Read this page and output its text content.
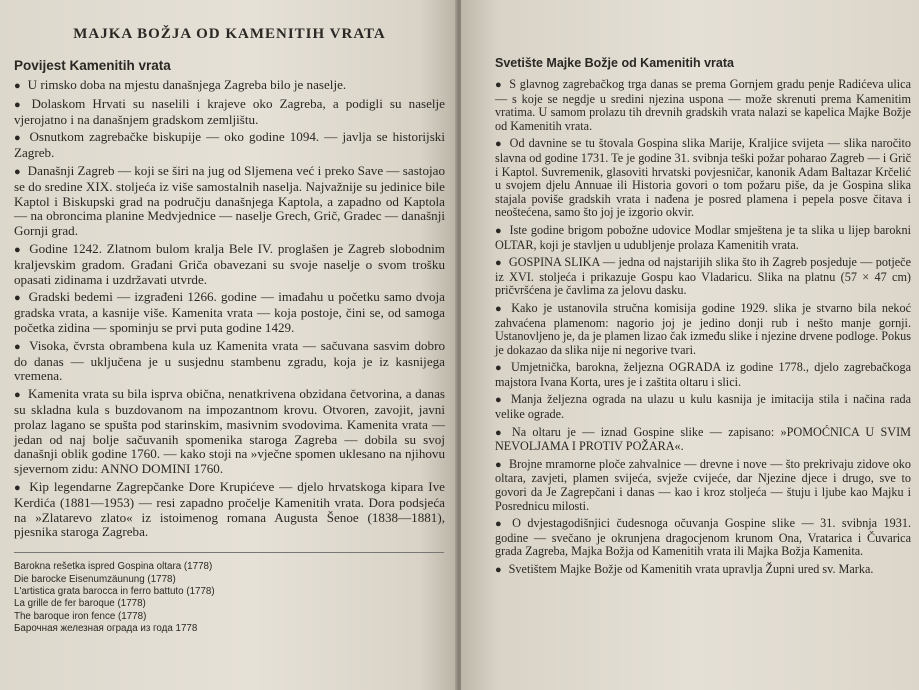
MAJKA BOŽJA OD KAMENITIH VRATA
Povijest Kamenitih vrata
● U rimsko doba na mjestu današnjega Zagreba bilo je naselje.
● Dolaskom Hrvati su naselili i krajeve oko Zagreba, a podigli su naselje vjerojatno i na današnjem gradskom zemljištu.
● Osnutkom zagrebačke biskupije — oko godine 1094. — javlja se historijski Zagreb.
● Današnji Zagreb — koji se širi na jug od Sljemena već i preko Save — sastojao se do sredine XIX. stoljeća iz više samostalnih naselja. Najvažnije su jedinice bile Kaptol i Biskupski grad na području današnjega Kaptola, a zapadno od Kaptola — na obroncima planine Medvjednice — naselje Grech, Grič, Gradec — današnji Gornji grad.
● Godine 1242. Zlatnom bulom kralja Bele IV. proglašen je Zagreb slobodnim kraljevskim gradom. Građani Griča obavezani su svoje naselje o svom trošku opasati zidinama i uzdržavati utvrde.
● Gradski bedemi — izgrađeni 1266. godine — imađahu u početku samo dvoja gradska vrata, a kasnije više. Kamenita vrata — koja postoje, čini se, od samoga početka zidina — spominju se prvi puta godine 1429.
● Visoka, čvrsta obrambena kula uz Kamenita vrata — sačuvana sasvim dobro do danas — uključena je u susjednu stambenu zgradu, koja je iz kasnijega vremena.
● Kamenita vrata su bila isprva obična, nenatkrivena obzidana četvorina, a danas su skladna kula s buzdovanom na impozantnom krovu. Otvoren, zavojit, javni prolaz lagano se spušta pod starinskim, masivnim svodovima. Kamenita vrata — jedan od naj bolje sačuvanih spomenika staroga Zagreba — dobila su svoj današnji oblik godine 1760. — kako stoji na »vječne spomen uklesano na njihovu sjevernom zidu: ANNO DOMINI 1760.
● Kip legendarne Zagrepčanke Dore Krupićeve — djelo hrvatskoga kipara Ive Kerdića (1881—1953) — resi zapadno pročelje Kamenitih vrata. Dora podsjeća na »Zlatarevo zlato« iz istoimenog romana Augusta Šenoe (1838—1881), pjesnika staroga Zagreba.
Barokna rešetka ispred Gospina oltara (1778)
Die barocke Eisenumzäunung (1778)
L'artistica grata barocca in ferro battuto (1778)
La grille de fer baroque (1778)
The baroque iron fence (1778)
Барочная железная ограда из года 1778
Svetište Majke Božje od Kamenitih vrata
● S glavnog zagrebačkog trga danas se prema Gornjem gradu penje Radićeva ulica — s koje se negdje u sredini njezina uspona — može skrenuti prema Kamenitim vratima. U samom prolazu tih drevnih gradskih vrata nalazi se kapelica Majke Božje od Kamenitih vrata.
● Od davnine se tu štovala Gospina slika Marije, Kraljice svijeta — slika naročito slavna od godine 1731. Te je godine 31. svibnja teški požar poharao Zagreb — i Grič i Kaptol. Suvremenik, glasoviti hrvatski povjesničar, kanonik Adam Baltazar Krčelić u svojem djelu Annuae ili Historia govori o tom požaru piše, da je Gospina slika stajala poviše gradskih vrata i nađena je posred plamena i pepela posve čitava i neoštećena, samo što joj je izgorio okvir.
● Iste godine brigom pobožne udovice Modlar smještena je ta slika u lijep barokni OLTAR, koji je stavljen u udubljenje prolaza Kamenitih vrata.
● GOSPINA SLIKA — jedna od najstarijih slika što ih Zagreb posjeduje — potječe iz XVI. stoljeća i prikazuje Gospu kao Vladaricu. Slika na platnu (57 × 47 cm) pričvršćena je čavlima za jelovu dasku.
● Kako je ustanovila stručna komisija godine 1929. slika je stvarno bila nekoć zahvaćena plamenom: nagorio joj je jedino donji rub i nešto manje gornji. Ustanovljeno je, da je plamen lizao čak između slike i njezine drvene podloge. Pokus je dokazao da slika nije ni negorive tvari.
● Umjetnička, barokna, željezna OGRADA iz godine 1778., djelo zagrebačkoga majstora Ivana Korta, ures je i zaštita oltaru i slici.
● Manja željezna ograda na ulazu u kulu kasnija je imitacija stila i načina rada velike ograde.
● Na oltaru je — iznad Gospine slike — zapisano: »POMOĆNICA U SVIM NEVOLJAMA I PROTIV POŽARA«.
● Brojne mramorne ploče zahvalnice — drevne i nove — što prekrivaju zidove oko oltara, zavjeti, plamen svijeća, svježe cvijeće, dar Njezine djece i drugo, sve to govori da Je Zagrepčani i danas — kao i kroz stoljeća — štuju i ljube kao Majku i Posrednicu milosti.
● O dvjestagodišnjici čudesnoga očuvanja Gospine slike — 31. svibnja 1931. godine — svečano je okrunjena dragocjenom krunom Ona, Vratarica i Čuvarica grada Zagreba, Majka Božja od Kamenitih vrata ili Majka Božja Kamenita.
● Svetištem Majke Božje od Kamenitih vrata upravlja Župni ured sv. Marka.
